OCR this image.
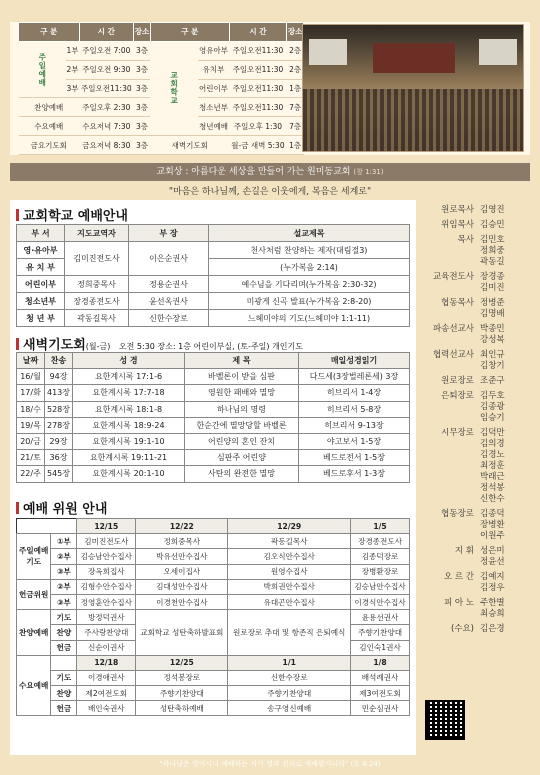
구 분		시 간	장소	구 분		시 간	장소
주일예배	1부	주일오전 7:00	3층	교회학교	영유아부	주일오전11:30	2층
	2부	주일오전 9:30	3층		유치부	주일오전11:30	2층
	3부	주일오전11:30	3층		어린이부	주일오전11:30	1층
찬양예배		주일오후 2:30	3층		청소년부	주일오전11:30	7층
수요예배		수요저녁 7:30	3층		청년예배	주일오후 1:30	7층
금요기도회		금요저녁 8:30	3층	새벽기도회		월-금 새벽 5:30	1층
교회상 : 아름다운 세상을 만들어 가는 원미동교회 (창 1:31)
"마음은 하나님께, 손길은 이웃에게, 복음은 세계로"
교회학교 예배안내
부 서	지도교역자	부 장	설교제목
영·유아부	김미진전도사	이은순권사	천사처럼 찬양하는 제자(대림절3)
유 치 부			(누가복음 2:14)
어린이부	정희중목사	정용순권사	예수님을 기다리며(누가복음 2:30-32)
청소년부	장경종전도사	윤선옥권사	미광게 신곡 발표(누가복음 2:8-20)
청 년 부	곽동길목사	신한수장로	느헤미야의 기도(느헤미야 1:1-11)
새벽기도회(월-금) 오전 5:30 장소: 1층 어린이부실, (토-주일) 개인기도
날짜	찬송	성 경	제 목	매일성경읽기
16/월	94장	요한계시록 17:1-6	바벨론이 받을 심판	다드세(3장벌레론세) 3장
17/화	413장	요한계시록 17:7-18	영원한 패배와 멸망	히브리서 1-4장
18/수	528장	요한계시록 18:1-8	하나님의 명령	히브리서 5-8장
19/목	278장	요한계시록 18:9-24	한순간에 멸망당할 바벨론	히브리서 9-13장
20/금	29장	요한계시록 19:1-10	어린양의 혼인 잔치	야고보서 1-5장
21/토	36장	요한계시록 19:11-21	심판주 어린양	베드로전서 1-5장
22/주	545장	요한계시록 20:1-10	사탄의 완전한 멸망	베드로후서 1-3장
예배 위원 안내
		12/15	12/22	12/29	1/5
주일예배기도	①부	김미진전도사	정희중목사	곽동길목사	장경종전도사
	②부	김승남안수집사	박유선안수집사	김오식안수집사	김종덕장로
	③부	장옥희집사	오세이집사	원영수집사	장병환장로
헌금위원	②부	김형수안수집사	김대성안수집사	박희권안수집사	김승남안수집사
	③부	정영훈안수집사	이경천안수집사	유대곤안수집사	이경식안수집사
찬양예배	기도	방정덕권사	교회학교 성탄축하발표회	원로장로 추대 및 항존직 은퇴예식	윤용선권사
	찬양	주사랑찬양대			주향기찬양대
	헌금	신순이권사			김인숙1권사
수요예배		12/18	12/25	1/1	1/8
	기도	이경애권사	정석봉장로	신한수장로	배석례권사
	찬양	제2여전도회	주향기찬양대	주향기찬양대	제3여전도회
	헌금	배인숙권사	성탄축하예배	송구영신예배	민순심권사
원로목사 김영진
위임목사 김승민
목사 김민호
정희중
곽동길
교육전도사 장경종
김미진
협동목사 정병준
김명배
파송선교사 박종민
강성복
협력선교사 최인규
김창기
원로장로 조준구
은퇴장로 김두호
김종광
임승기
시무장로 김덕만
김의경
김경노
최정훈
박래근
정석봉
신한수
협동장로 김종덕
장병환
이원주
지 휘 성은미
정윤선
오 르 간 김예지
김정우
피 아 노 주한별
최승희
(수요) 김은경
"하나님은 영이시니 예배하는 자가 영과 진리로 예배할지니라" (요 4:24)
